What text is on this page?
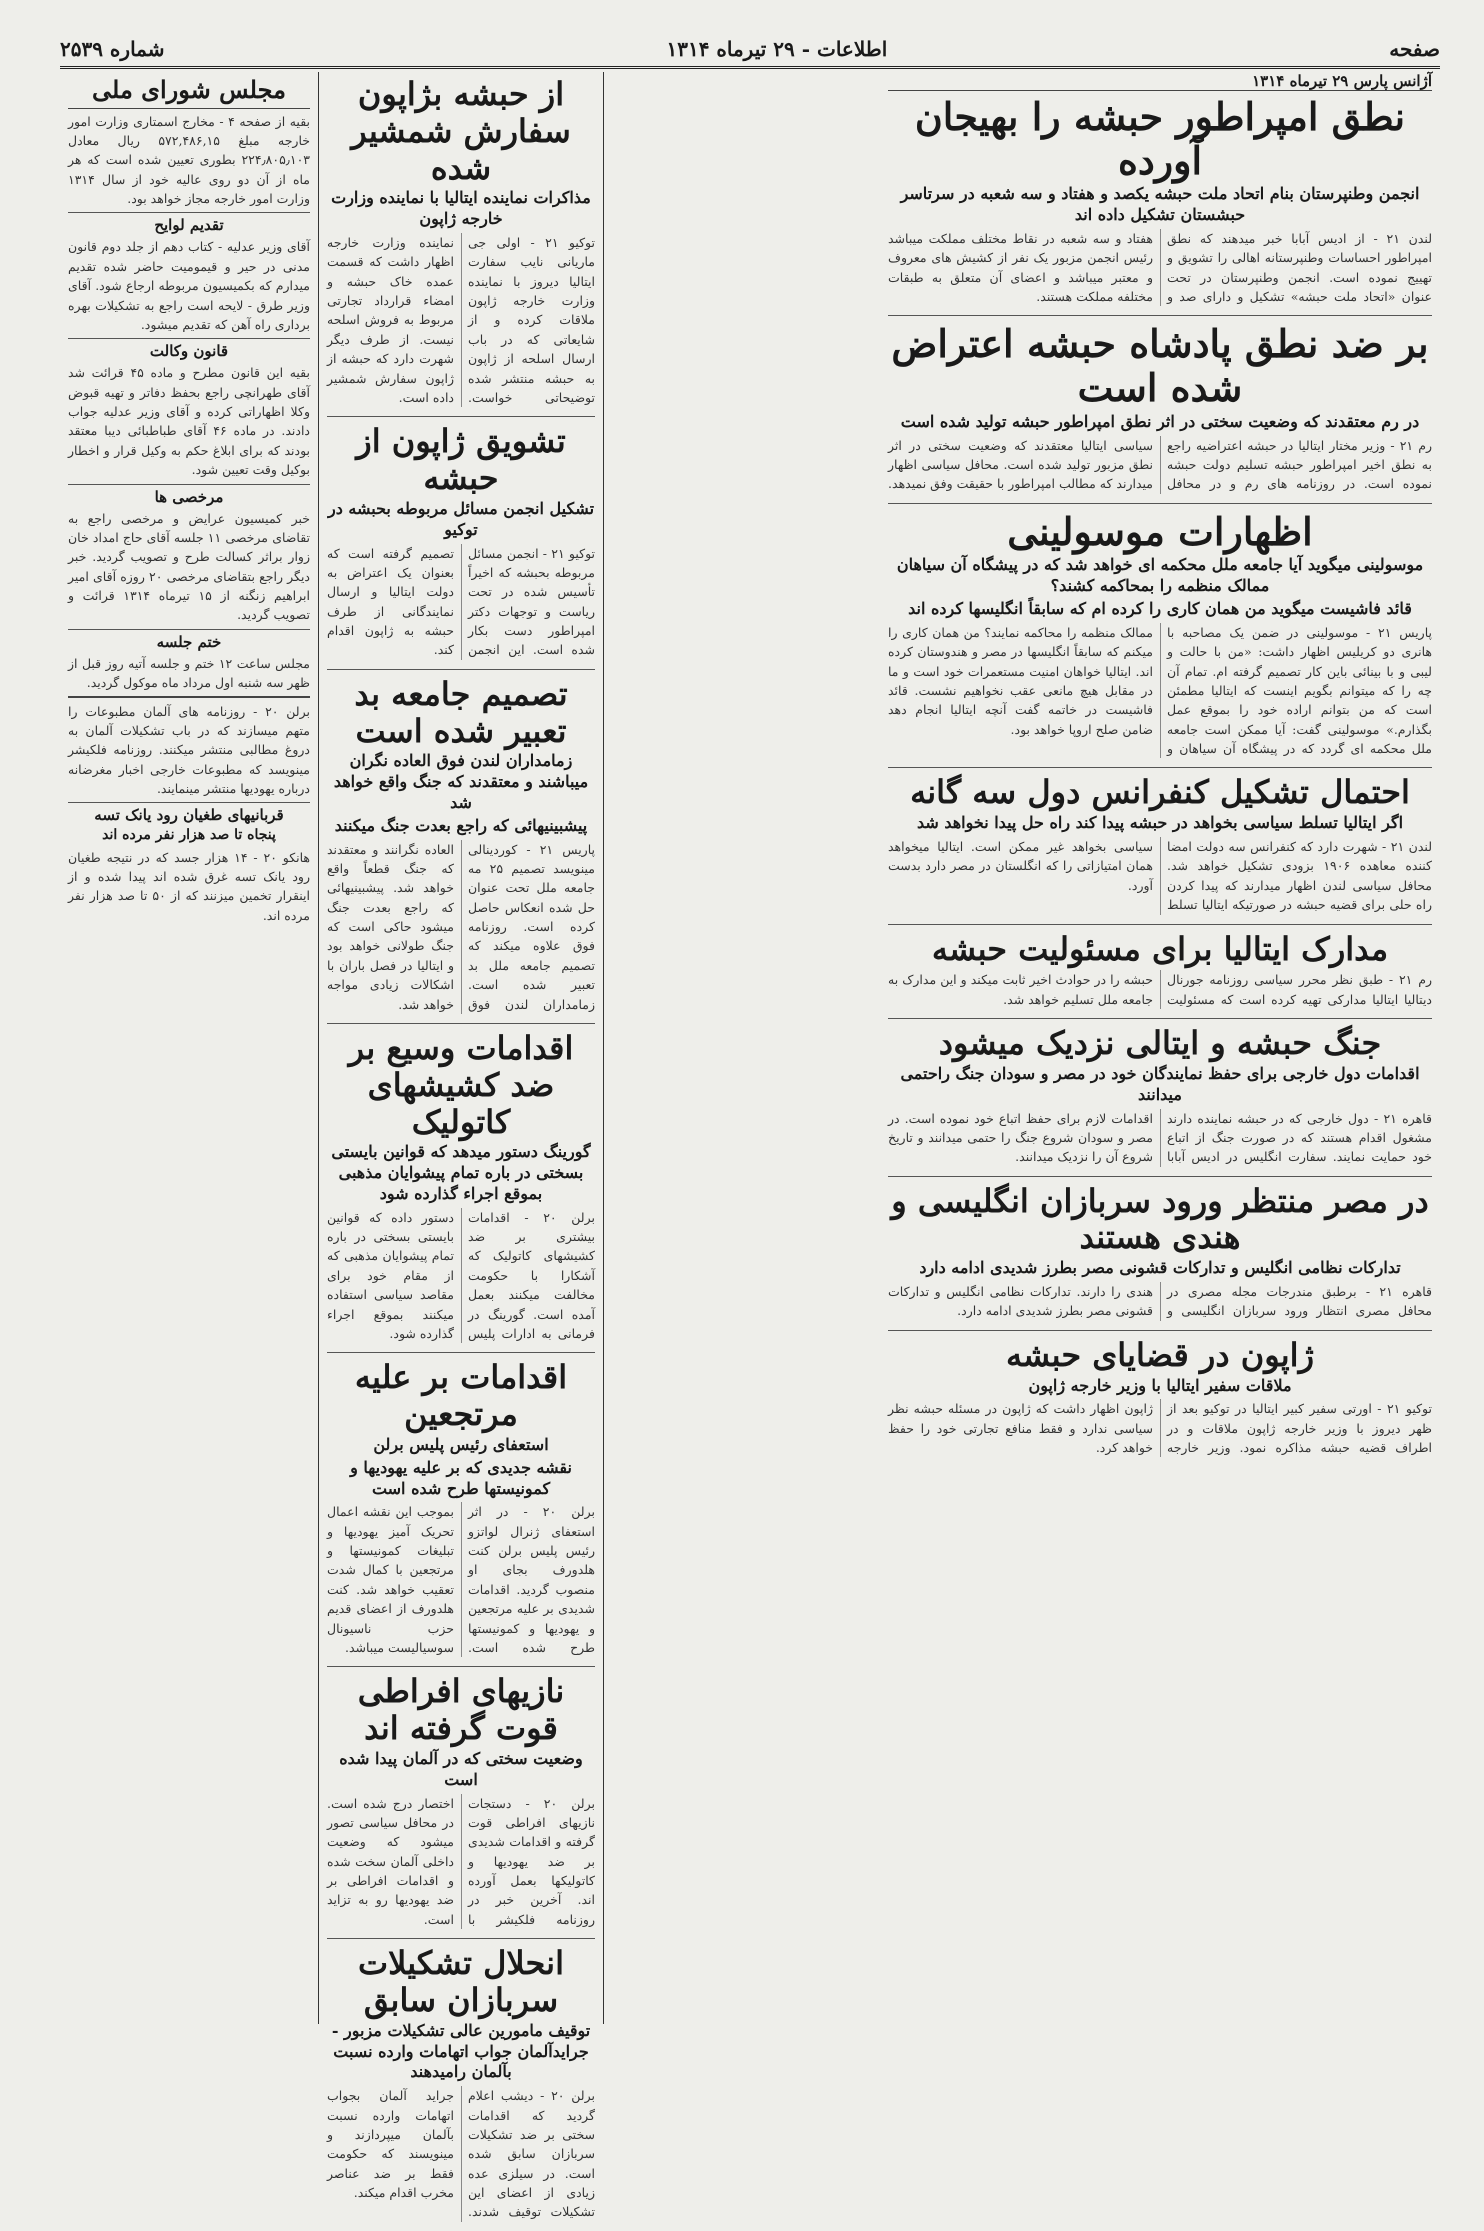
صفحه
اطلاعات - ۲۹ تیرماه ۱۳۱۴
شماره ۲۵۳۹
آژانس پارس ۲۹ تیرماه ۱۳۱۴
نطق امپراطور حبشه را بهیجان آورده
انجمن وطنپرستان بنام اتحاد ملت حبشه یکصد و هفتاد و سه شعبه در سرتاسر حبشستان تشکیل داده اند
لندن ۲۱ - از ادیس آبابا خبر میدهند که نطق امپراطور احساسات وطنپرستانه اهالی را تشویق و تهییج نموده است. انجمن وطنپرستان در تحت عنوان «اتحاد ملت حبشه» تشکیل و دارای صد و هفتاد و سه شعبه در نقاط مختلف مملکت میباشد رئیس انجمن مزبور یک نفر از کشیش های معروف و معتبر میباشد و اعضای آن متعلق به طبقات مختلفه مملکت هستند.
بر ضد نطق پادشاه حبشه اعتراض شده است
در رم معتقدند که وضعیت سختی در اثر نطق امپراطور حبشه تولید شده است
رم ۲۱ - وزیر مختار ایتالیا در حبشه اعتراضیه راجع به نطق اخیر امپراطور حبشه تسلیم دولت حبشه نموده است. در روزنامه های رم و در محافل سیاسی ایتالیا معتقدند که وضعیت سختی در اثر نطق مزبور تولید شده است. محافل سیاسی اظهار میدارند که مطالب امپراطور با حقیقت وفق نمیدهد.
اظهارات موسولینی
موسولینی میگوید آیا جامعه ملل محکمه ای خواهد شد که در پیشگاه آن سیاهان ممالک منظمه را بمحاکمه کشند؟
قائد فاشیست میگوید من همان کاری را کرده ام که سابقاً انگلیسها کرده اند
پاریس ۲۱ - موسولینی در ضمن یک مصاحبه با هانری دو کریلیس اظهار داشت: «من با حالت و لیبی و با بینائی باین کار تصمیم گرفته ام. تمام آن چه را که میتوانم بگویم اینست که ایتالیا مطمئن است که من بتوانم اراده خود را بموقع عمل بگذارم.» موسولینی گفت: آیا ممکن است جامعه ملل محکمه ای گردد که در پیشگاه آن سیاهان و ممالک منظمه را محاکمه نمایند؟ من همان کاری را میکنم که سابقاً انگلیسها در مصر و هندوستان کرده اند. ایتالیا خواهان امنیت مستعمرات خود است و ما در مقابل هیچ مانعی عقب نخواهیم نشست. قائد فاشیست در خاتمه گفت آنچه ایتالیا انجام دهد ضامن صلح اروپا خواهد بود.
احتمال تشکیل کنفرانس دول سه گانه
اگر ایتالیا تسلط سیاسی بخواهد در حبشه پیدا کند راه حل پیدا نخواهد شد
لندن ۲۱ - شهرت دارد که کنفرانس سه دولت امضا کننده معاهده ۱۹۰۶ بزودی تشکیل خواهد شد. محافل سیاسی لندن اظهار میدارند که پیدا کردن راه حلی برای قضیه حبشه در صورتیکه ایتالیا تسلط سیاسی بخواهد غیر ممکن است. ایتالیا میخواهد همان امتیازاتی را که انگلستان در مصر دارد بدست آورد.
مدارک ایتالیا برای مسئولیت حبشه
رم ۲۱ - طبق نظر محرر سیاسی روزنامه جورنال دیتالیا ایتالیا مدارکی تهیه کرده است که مسئولیت حبشه را در حوادث اخیر ثابت میکند و این مدارک به جامعه ملل تسلیم خواهد شد.
جنگ حبشه و ایتالی نزدیک میشود
اقدامات دول خارجی برای حفظ نمایندگان خود در مصر و سودان جنگ راحتمی میدانند
قاهره ۲۱ - دول خارجی که در حبشه نماینده دارند مشغول اقدام هستند که در صورت جنگ از اتباع خود حمایت نمایند. سفارت انگلیس در ادیس آبابا اقدامات لازم برای حفظ اتباع خود نموده است. در مصر و سودان شروع جنگ را حتمی میدانند و تاریخ شروع آن را نزدیک میدانند.
در مصر منتظر ورود سربازان انگلیسی و هندی هستند
تدارکات نظامی انگلیس و تدارکات قشونی مصر بطرز شدیدی ادامه دارد
قاهره ۲۱ - برطبق مندرجات مجله مصری در محافل مصری انتظار ورود سربازان انگلیسی و هندی را دارند. تدارکات نظامی انگلیس و تدارکات قشونی مصر بطرز شدیدی ادامه دارد.
ژاپون در قضایای حبشه
ملاقات سفیر ایتالیا با وزیر خارجه ژاپون
توکیو ۲۱ - اورتی سفیر کبیر ایتالیا در توکیو بعد از ظهر دیروز با وزیر خارجه ژاپون ملاقات و در اطراف قضیه حبشه مذاکره نمود. وزیر خارجه ژاپون اظهار داشت که ژاپون در مسئله حبشه نظر سیاسی ندارد و فقط منافع تجارتی خود را حفظ خواهد کرد.
از حبشه بژاپون سفارش شمشیر شده
مذاکرات نماینده ایتالیا با نماینده وزارت خارجه ژاپون
توکیو ۲۱ - اولی جی ماریانی نایب سفارت ایتالیا دیروز با نماینده وزارت خارجه ژاپون ملاقات کرده و از شایعاتی که در باب ارسال اسلحه از ژاپون به حبشه منتشر شده توضیحاتی خواست. نماینده وزارت خارجه اظهار داشت که قسمت عمده خاک حبشه و امضاء قرارداد تجارتی مربوط به فروش اسلحه نیست. از طرف دیگر شهرت دارد که حبشه از ژاپون سفارش شمشیر داده است.
تشویق ژاپون از حبشه
تشکیل انجمن مسائل مربوطه بحبشه در توکیو
توکیو ۲۱ - انجمن مسائل مربوطه بحبشه که اخیراً تأسیس شده در تحت ریاست و توجهات دکتر امپراطور دست بکار شده است. این انجمن تصمیم گرفته است که بعنوان یک اعتراض به دولت ایتالیا و ارسال نمایندگانی از طرف حبشه به ژاپون اقدام کند.
تصمیم جامعه بد تعبیر شده است
زمامداران لندن فوق العاده نگران میباشند و معتقدند که جنگ واقع خواهد شد
پیشبینیهائی که راجع بعدت جنگ میکنند
پاریس ۲۱ - کوردینالی مینویسد تصمیم ۲۵ مه جامعه ملل تحت عنوان حل شده انعکاس حاصل کرده است. روزنامه فوق علاوه میکند که تصمیم جامعه ملل بد تعبیر شده است. زمامداران لندن فوق العاده نگرانند و معتقدند که جنگ قطعاً واقع خواهد شد. پیشبینیهائی که راجع بعدت جنگ میشود حاکی است که جنگ طولانی خواهد بود و ایتالیا در فصل باران با اشکالات زیادی مواجه خواهد شد.
اقدامات وسیع بر ضد کشیشهای کاتولیک
گورینگ دستور میدهد که قوانین بایستی بسختی در باره تمام پیشوایان مذهبی بموقع اجراء گذارده شود
برلن ۲۰ - اقدامات بیشتری بر ضد کشیشهای کاتولیک که آشکارا با حکومت مخالفت میکنند بعمل آمده است. گورینگ در فرمانی به ادارات پلیس دستور داده که قوانین بایستی بسختی در باره تمام پیشوایان مذهبی که از مقام خود برای مقاصد سیاسی استفاده میکنند بموقع اجراء گذارده شود.
اقدامات بر علیه مرتجعین
استعفای رئیس پلیس برلن
نقشه جدیدی که بر علیه یهودیها و کمونیستها طرح شده است
برلن ۲۰ - در اثر استعفای ژنرال لواتزو رئیس پلیس برلن کنت هلدورف بجای او منصوب گردید. اقدامات شدیدی بر علیه مرتجعین و یهودیها و کمونیستها طرح شده است. بموجب این نقشه اعمال تحریک آمیز یهودیها و تبلیغات کمونیستها و مرتجعین با کمال شدت تعقیب خواهد شد. کنت هلدورف از اعضای قدیم حزب ناسیونال سوسیالیست میباشد.
نازیهای افراطی قوت گرفته اند
وضعیت سختی که در آلمان پیدا شده است
برلن ۲۰ - دستجات نازیهای افراطی قوت گرفته و اقدامات شدیدی بر ضد یهودیها و کاتولیکها بعمل آورده اند. آخرین خبر در روزنامه فلکیشر با اختصار درج شده است. در محافل سیاسی تصور میشود که وضعیت داخلی آلمان سخت شده و اقدامات افراطی بر ضد یهودیها رو به تزاید است.
انحلال تشکیلات سربازان سابق
توقیف مامورین عالی تشکیلات مزبور - جرایدآلمان جواب اتهامات وارده نسبت بآلمان رامیدهند
برلن ۲۰ - دیشب اعلام گردید که اقدامات سختی بر ضد تشکیلات سربازان سابق شده است. در سیلزی عده زیادی از اعضای این تشکیلات توقیف شدند. جراید آلمان بجواب اتهامات وارده نسبت بآلمان میپردازند و مینویسند که حکومت فقط بر ضد عناصر مخرب اقدام میکند.
مجلس شورای ملی
بقیه از صفحه ۴ - مخارج اسمتاری وزارت امور خارجه مبلغ ۵۷۲,۴۸۶,۱۵ ریال معادل ۲۲۴٫۸۰۵٫۱۰۳ بطوری تعیین شده است که هر ماه از آن دو روی عالیه خود از سال ۱۳۱۴ وزارت امور خارجه مجاز خواهد بود.
تقدیم لوایح
آقای وزیر عدلیه - کتاب دهم از جلد دوم قانون مدنی در حیر و قیمومیت حاضر شده تقدیم میدارم که بکمیسیون مربوطه ارجاع شود. آقای وزیر طرق - لایحه است راجع به تشکیلات بهره برداری راه آهن که تقدیم میشود.
قانون وکالت
بقیه این قانون مطرح و ماده ۴۵ قرائت شد آقای طهرانچی راجع بحفظ دفاتر و تهیه قبوض وکلا اظهاراتی کرده و آقای وزیر عدلیه جواب دادند. در ماده ۴۶ آقای طباطبائی دیبا معتقد بودند که برای ابلاغ حکم به وکیل قرار و اخطار بوکیل وقت تعیین شود.
مرخصی ها
خبر کمیسیون عرایض و مرخصی راجع به تقاضای مرخصی ۱۱ جلسه آقای حاج امداد خان زوار براثر کسالت طرح و تصویب گردید. خبر دیگر راجع بتقاضای مرخصی ۲۰ روزه آقای امیر ابراهیم زنگنه از ۱۵ تیرماه ۱۳۱۴ قرائت و تصویب گردید.
ختم جلسه
مجلس ساعت ۱۲ ختم و جلسه آتیه روز قبل از ظهر سه شنبه اول مرداد ماه موکول گردید.
برلن ۲۰ - روزنامه های آلمان مطبوعات را متهم میسازند که در باب تشکیلات آلمان به دروغ مطالبی منتشر میکنند. روزنامه فلکیشر مینویسد که مطبوعات خارجی اخبار مغرضانه درباره یهودیها منتشر مینمایند.
قربانیهای طغیان رود یانک تسه
پنجاه تا صد هزار نفر مرده اند
هانکو ۲۰ - ۱۴ هزار جسد که در نتیجه طغیان رود یانک تسه غرق شده اند پیدا شده و از اینقرار تخمین میزنند که از ۵۰ تا صد هزار نفر مرده اند.
